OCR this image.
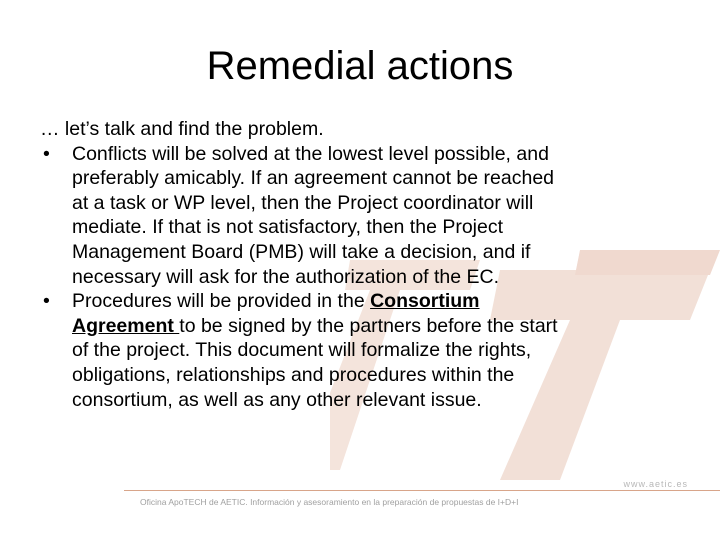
Remedial actions

… let’s talk and find the problem.

• Conflicts will be solved at the lowest level possible, and
preferably amicably. If an agreement cannot be reached
at a task or WP level, then the Project coordinator will
mediate. If that is not satisfactory, then the Project
Management Board (PMB) will take a decision, and if
necessary will ask for the authorization of the EC.
• Procedures will be provided in the Consortium
Agreement to be signed by the partners before the start
of the project. This document will formalize the rights,
obligations, relationships and procedures within the
consortium, as well as any other relevant issue.
www.aetic.es
Oficina ApoTECH de AETIC. Información y asesoramiento en la preparación de propuestas de I+D+I
